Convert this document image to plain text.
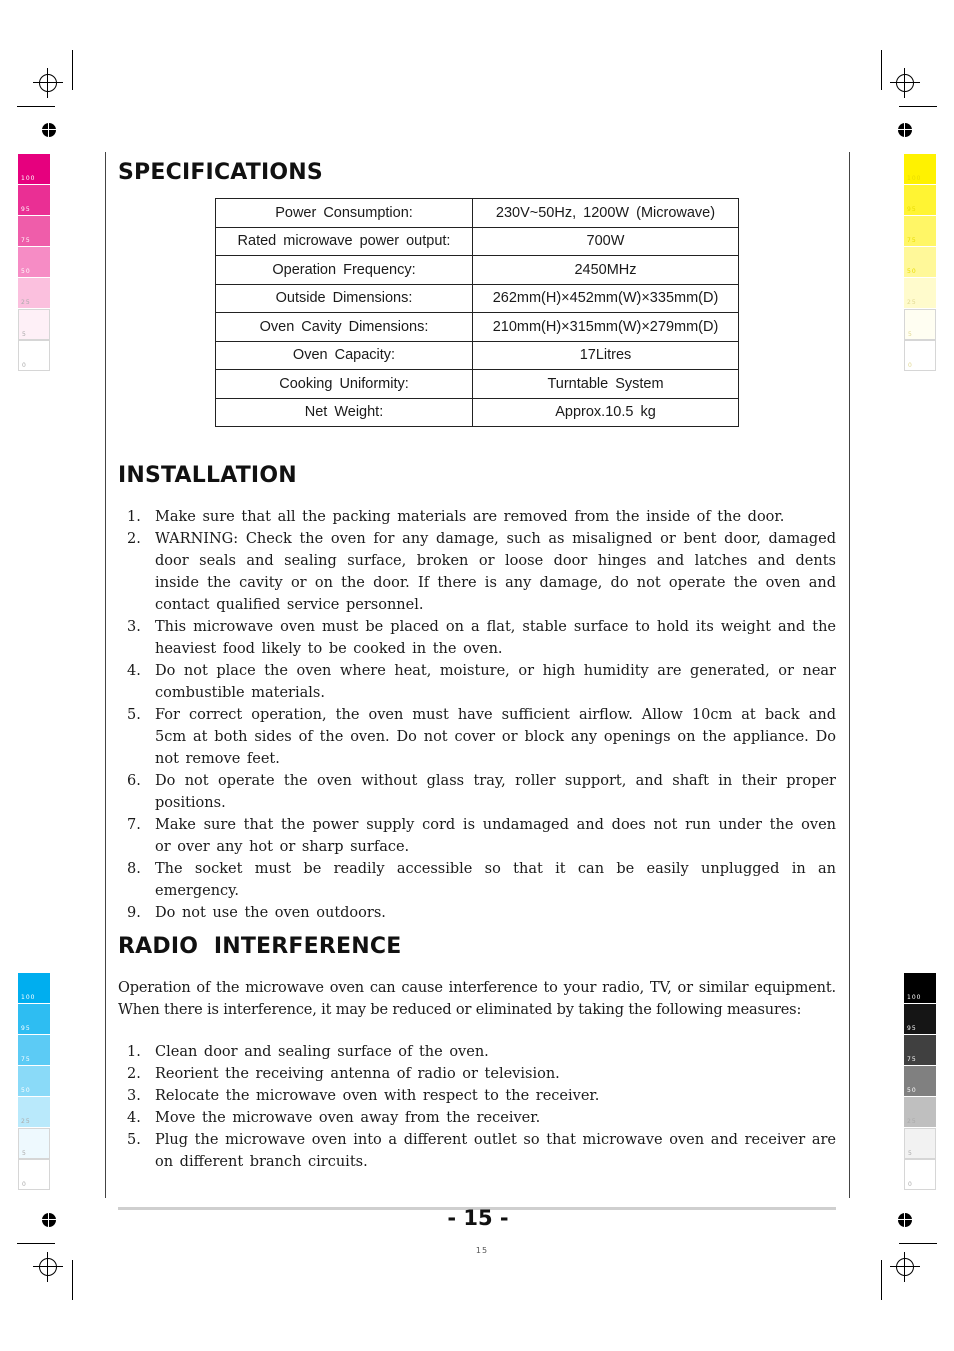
100
95
75
50
25
5
0
100
95
75
50
25
5
0
100
95
75
50
25
5
0
100
95
75
50
25
5
0
SPECIFICATIONS
Power Consumption:	230V~50Hz, 1200W (Microwave)
Rated microwave power output:	700W
Operation Frequency:	2450MHz
Outside Dimensions:	262mm(H)×452mm(W)×335mm(D)
Oven Cavity Dimensions:	210mm(H)×315mm(W)×279mm(D)
Oven Capacity:	17Litres
Cooking Uniformity:	Turntable System
Net Weight:	Approx.10.5 kg
INSTALLATION
1. Make sure that all the packing materials are removed from the inside of the door.
2. WARNING: Check the oven for any damage, such as misaligned or bent door, damaged door seals and sealing surface, broken or loose door hinges and latches and dents inside the cavity or on the door. If there is any damage, do not operate the oven and contact qualified service personnel.
3. This microwave oven must be placed on a flat, stable surface to hold its weight and the heaviest food likely to be cooked in the oven.
4. Do not place the oven where heat, moisture, or high humidity are generated, or near combustible materials.
5. For correct operation, the oven must have sufficient airflow. Allow 10cm at back and 5cm at both sides of the oven. Do not cover or block any openings on the appliance. Do not remove feet.
6. Do not operate the oven without glass tray, roller support, and shaft in their proper positions.
7. Make sure that the power supply cord is undamaged and does not run under the oven or over any hot or sharp surface.
8. The socket must be readily accessible so that it can be easily unplugged in an emergency.
9. Do not use the oven outdoors.
RADIO  INTERFERENCE

Operation of the microwave oven can cause interference to your radio, TV, or similar equipment. When there is interference, it may be reduced or eliminated by taking the following measures:

1. Clean door and sealing surface of the oven.
2. Reorient the receiving antenna of radio or television.
3. Relocate the microwave oven with respect to the receiver.
4. Move the microwave oven away from the receiver.
5. Plug the microwave oven into a different outlet so that microwave oven and receiver are on different branch circuits.
- 15 -
15
